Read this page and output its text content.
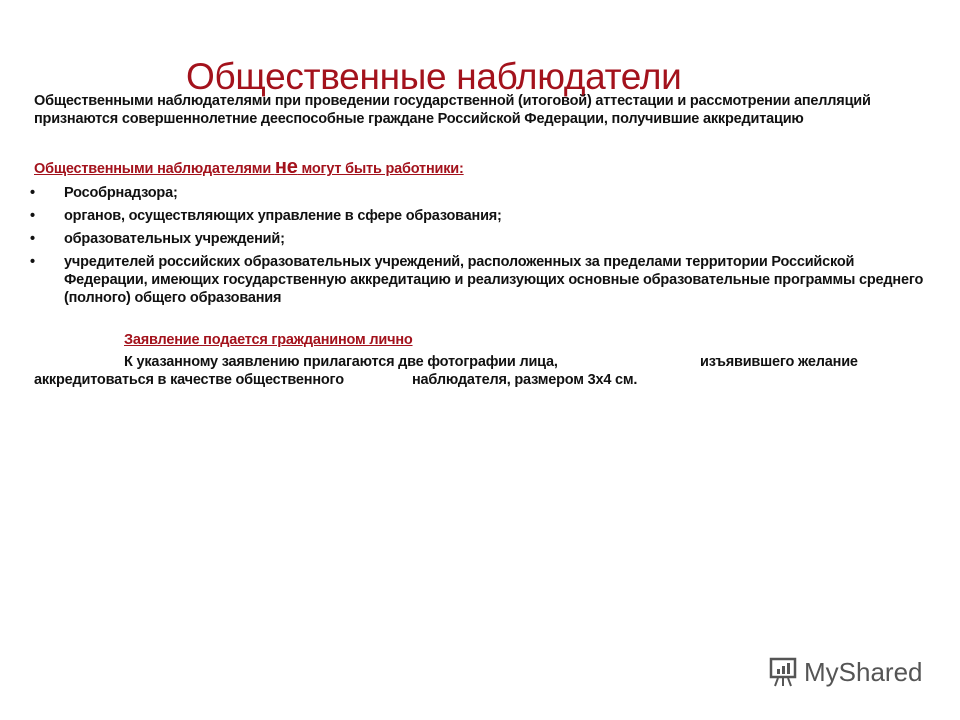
Общественные наблюдатели
Общественными наблюдателями при проведении государственной (итоговой) аттестации и рассмотрении апелляций признаются совершеннолетние дееспособные граждане Российской Федерации, получившие аккредитацию
Общественными наблюдателями не могут быть работники:
• Рособрнадзора;
• органов, осуществляющих управление в сфере образования;
• образовательных учреждений;
• учредителей российских образовательных учреждений, расположенных за пределами территории Российской Федерации, имеющих государственную аккредитацию и реализующих основные образовательные программы среднего (полного) общего образования
Заявление подается гражданином лично
К указанному заявлению прилагаются две фотографии лица,	изъявившего желание
аккредитоваться в качестве общественного	наблюдателя, размером 3х4 см.
MyShared
